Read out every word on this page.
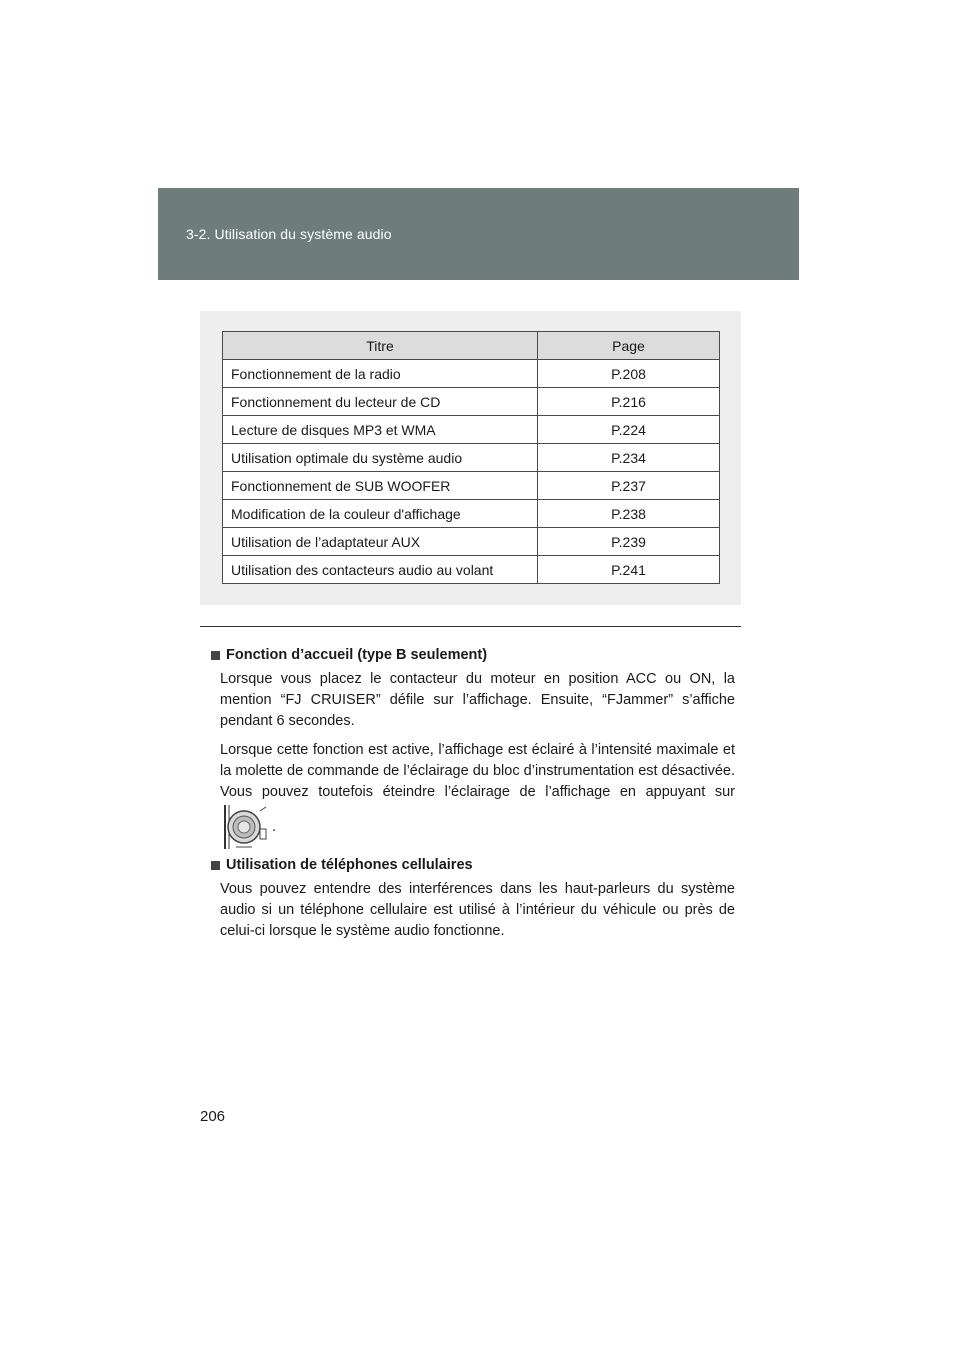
3-2. Utilisation du système audio
Titre	Page
Fonctionnement de la radio	P.208
Fonctionnement du lecteur de CD	P.216
Lecture de disques MP3 et WMA	P.224
Utilisation optimale du système audio	P.234
Fonctionnement de SUB WOOFER	P.237
Modification de la couleur d'affichage	P.238
Utilisation de l’adaptateur AUX	P.239
Utilisation des contacteurs audio au volant	P.241
Fonction d’accueil (type B seulement)

Lorsque vous placez le contacteur du moteur en position ACC ou ON, la mention “FJ CRUISER” défile sur l’affichage. Ensuite, “FJammer” s’affiche pendant 6 secondes.

Lorsque cette fonction est active, l’affichage est éclairé à l’intensité maximale et la molette de commande de l’éclairage du bloc d’instrumentation est désactivée. Vous pouvez toutefois éteindre l’éclairage de l’affichage en appuyant sur .

Utilisation de téléphones cellulaires

Vous pouvez entendre des interférences dans les haut-parleurs du système audio si un téléphone cellulaire est utilisé à l’intérieur du véhicule ou près de celui-ci lorsque le système audio fonctionne.

206
